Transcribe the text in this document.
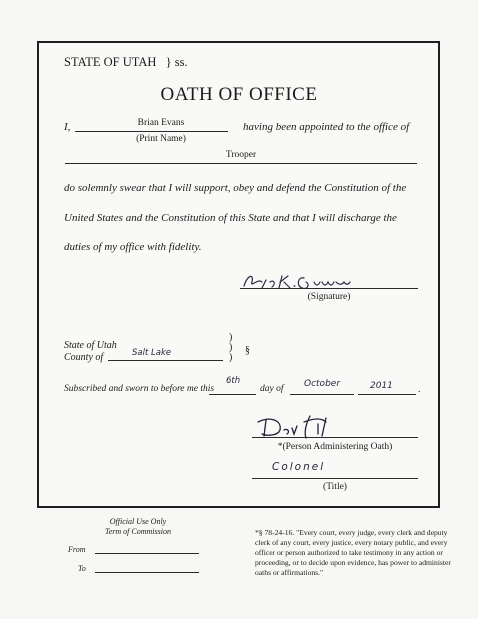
STATE OF UTAH } ss.
OATH OF OFFICE
I,	Brian Evans
(Print Name)
having been appointed to the office of
Trooper
do solemnly swear that I will support, obey and defend the Constitution of the
United States and the Constitution of this State and that I will discharge the
duties of my office with fidelity.
(Signature)
State of Utah
County of	Salt Lake
)
)
)
§
Subscribed and sworn to before me this
6th
day of October	2011	.
*(Person Administering Oath)
Colonel
(Title)
Official Use Only
Term of Commission
From
To
*§ 78-24-16. "Every court, every judge, every clerk and deputy clerk of any court, every justice, every notary public, and every officer or person authorized to take testimony in any action or proceeding, or to decide upon evidence, has power to administer oaths or affirmations."
